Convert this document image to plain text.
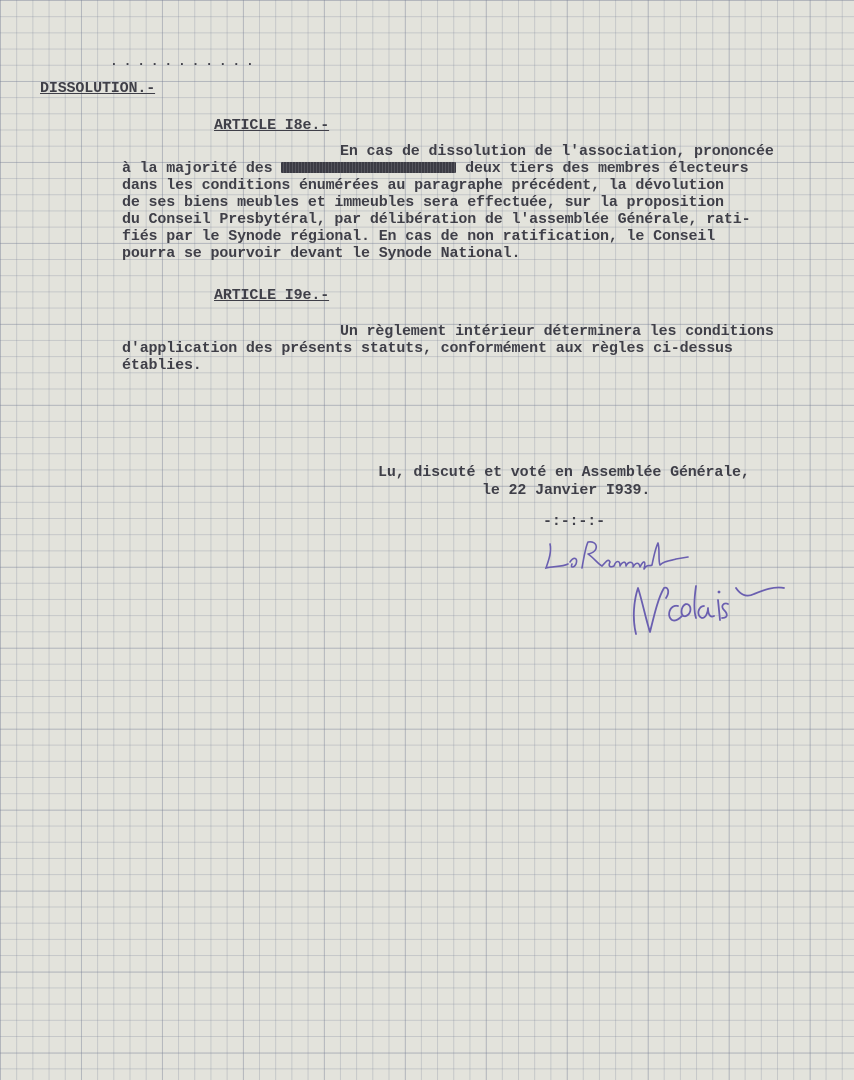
. . . . . . . . . . .
DISSOLUTION.-
ARTICLE I8e.-
En cas de dissolution de l'association, prononcée
à la majorité des	deux tiers des membres électeurs
dans les conditions énumérées au paragraphe précédent, la dévolution
de ses biens meubles et immeubles sera effectuée, sur la proposition
du Conseil Presbytéral, par délibération de l'assemblée Générale, rati-
fiés par le Synode régional. En cas de non ratification, le Conseil
pourra se pourvoir devant le Synode National.
ARTICLE I9e.-
Un règlement intérieur déterminera les conditions
d'application des présents statuts, conformément aux règles ci-dessus
établies.
Lu, discuté et voté en Assemblée Générale,
le 22 Janvier I939.
-:-:-:-
